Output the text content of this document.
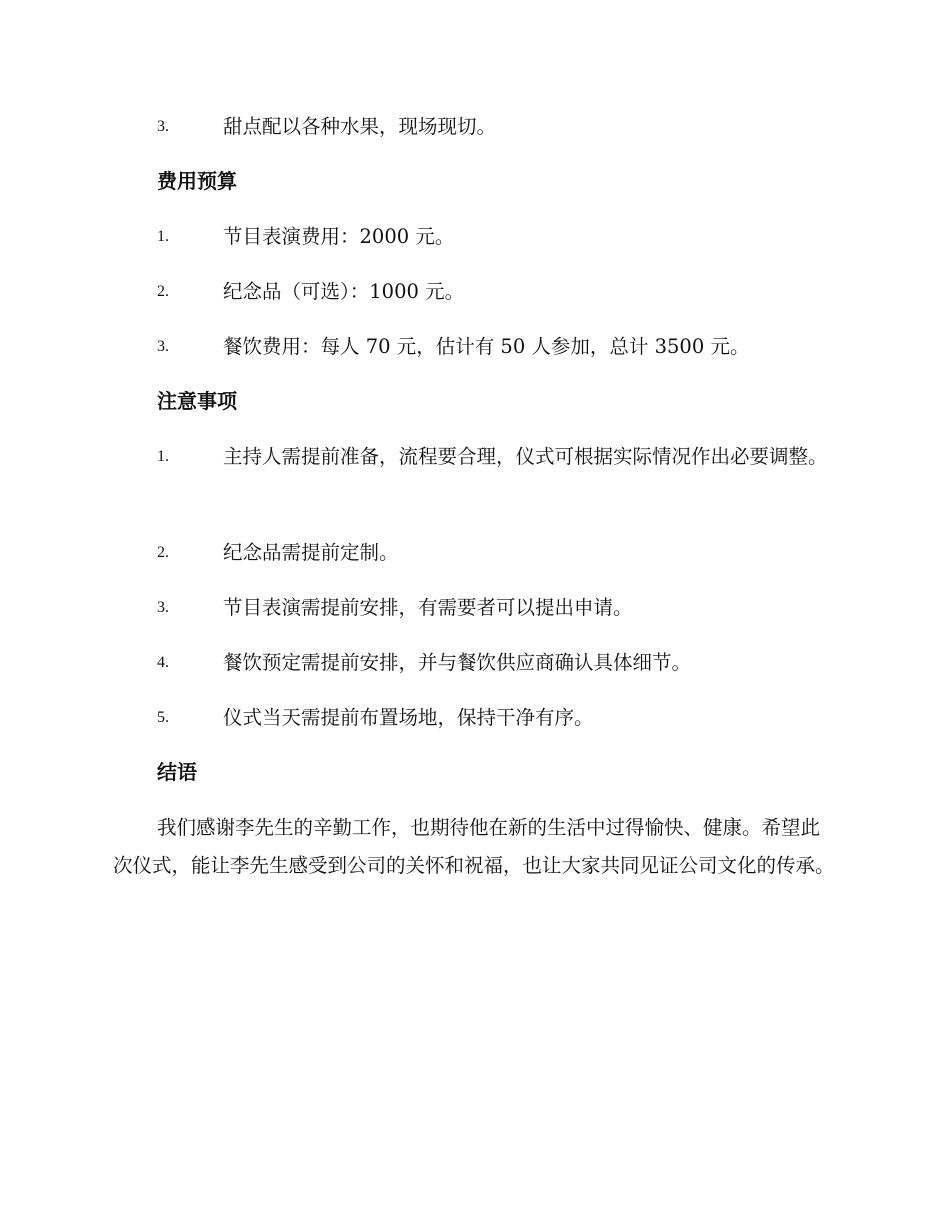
3.	甜点配以各种水果，现场现切。
费用预算
1.	节目表演费用：2000 元。
2.	纪念品（可选）：1000 元。
3.	餐饮费用：每人 70 元，估计有 50 人参加，总计 3500 元。
注意事项
1.	主持人需提前准备，流程要合理，仪式可根据实际情况作出必要调整。
2.	纪念品需提前定制。
3.	节目表演需提前安排，有需要者可以提出申请。
4.	餐饮预定需提前安排，并与餐饮供应商确认具体细节。
5.	仪式当天需提前布置场地，保持干净有序。
结语
我们感谢李先生的辛勤工作，也期待他在新的生活中过得愉快、健康。希望此次仪式，能让李先生感受到公司的关怀和祝福，也让大家共同见证公司文化的传承。
